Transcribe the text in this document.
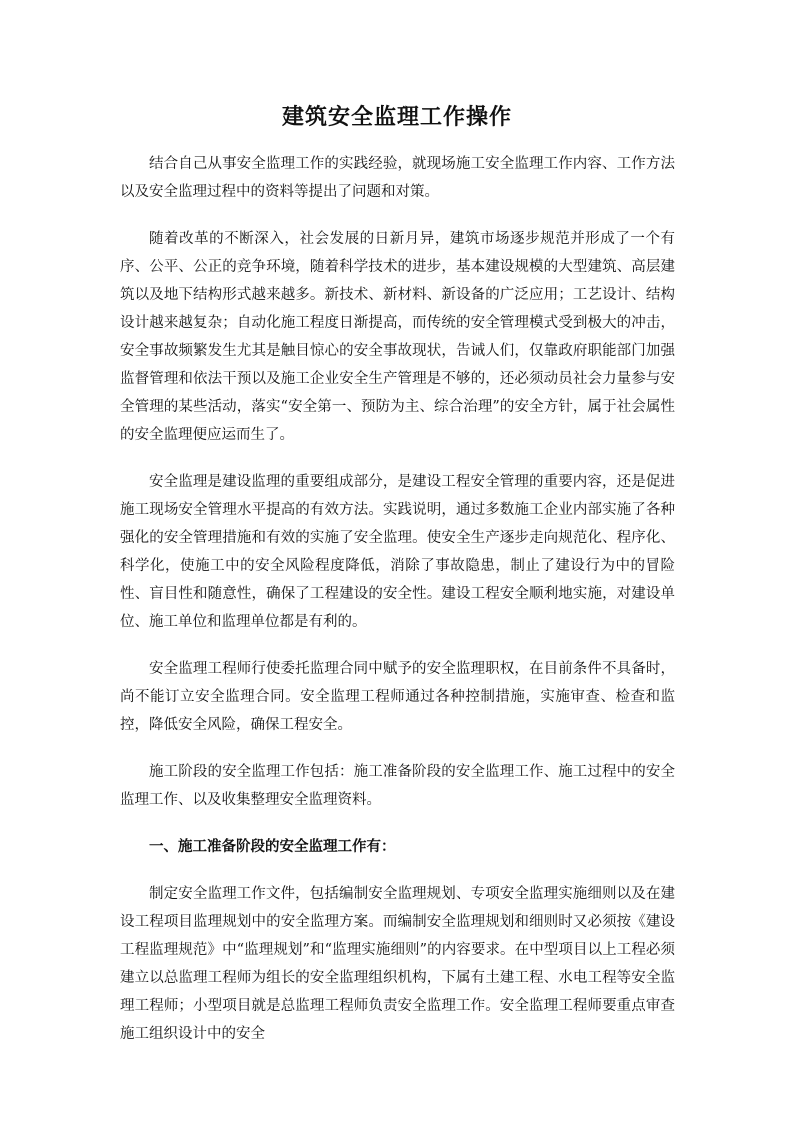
建筑安全监理工作操作

结合自己从事安全监理工作的实践经验，就现场施工安全监理工作内容、工作方法以及安全监理过程中的资料等提出了问题和对策。

随着改革的不断深入，社会发展的日新月异，建筑市场逐步规范并形成了一个有序、公平、公正的竞争环境，随着科学技术的进步，基本建设规模的大型建筑、高层建筑以及地下结构形式越来越多。新技术、新材料、新设备的广泛应用；工艺设计、结构设计越来越复杂；自动化施工程度日渐提高，而传统的安全管理模式受到极大的冲击，安全事故频繁发生尤其是触目惊心的安全事故现状，告诫人们，仅靠政府职能部门加强监督管理和依法干预以及施工企业安全生产管理是不够的，还必须动员社会力量参与安全管理的某些活动，落实“安全第一、预防为主、综合治理”的安全方针，属于社会属性的安全监理便应运而生了。

安全监理是建设监理的重要组成部分，是建设工程安全管理的重要内容，还是促进施工现场安全管理水平提高的有效方法。实践说明，通过多数施工企业内部实施了各种强化的安全管理措施和有效的实施了安全监理。使安全生产逐步走向规范化、程序化、科学化，使施工中的安全风险程度降低，消除了事故隐患，制止了建设行为中的冒险性、盲目性和随意性，确保了工程建设的安全性。建设工程安全顺利地实施，对建设单位、施工单位和监理单位都是有利的。

安全监理工程师行使委托监理合同中赋予的安全监理职权，在目前条件不具备时，尚不能订立安全监理合同。安全监理工程师通过各种控制措施，实施审查、检查和监控，降低安全风险，确保工程安全。

施工阶段的安全监理工作包括：施工准备阶段的安全监理工作、施工过程中的安全监理工作、以及收集整理安全监理资料。

一、施工准备阶段的安全监理工作有：

制定安全监理工作文件，包括编制安全监理规划、专项安全监理实施细则以及在建设工程项目监理规划中的安全监理方案。而编制安全监理规划和细则时又必须按《建设工程监理规范》中“监理规划”和“监理实施细则”的内容要求。在中型项目以上工程必须建立以总监理工程师为组长的安全监理组织机构，下属有土建工程、水电工程等安全监理工程师；小型项目就是总监理工程师负责安全监理工作。安全监理工程师要重点审查施工组织设计中的安全
